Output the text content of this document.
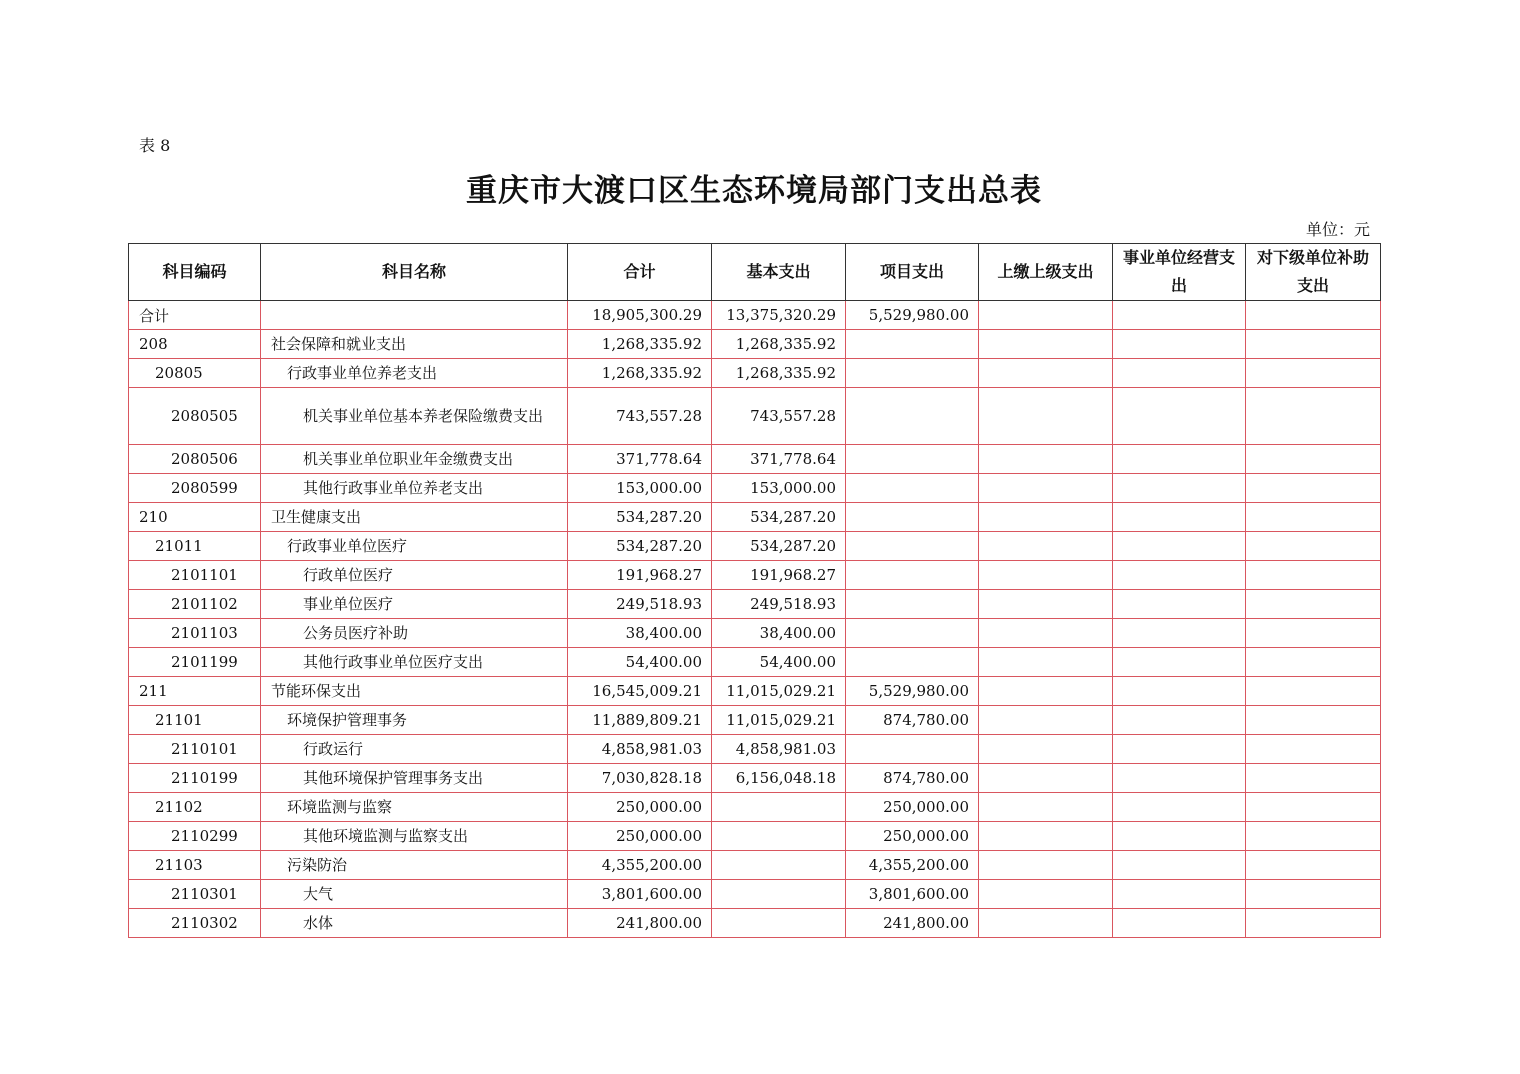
表 8
重庆市大渡口区生态环境局部门支出总表
单位：元
科目编码	科目名称	合计	基本支出	项目支出	上缴上级支出	事业单位经营支出	对下级单位补助支出
合计		18,905,300.29	13,375,320.29	5,529,980.00			
208	社会保障和就业支出	1,268,335.92	1,268,335.92				
20805	行政事业单位养老支出	1,268,335.92	1,268,335.92				
2080505	机关事业单位基本养老保险缴费支出	743,557.28	743,557.28				
2080506	机关事业单位职业年金缴费支出	371,778.64	371,778.64				
2080599	其他行政事业单位养老支出	153,000.00	153,000.00				
210	卫生健康支出	534,287.20	534,287.20				
21011	行政事业单位医疗	534,287.20	534,287.20				
2101101	行政单位医疗	191,968.27	191,968.27				
2101102	事业单位医疗	249,518.93	249,518.93				
2101103	公务员医疗补助	38,400.00	38,400.00				
2101199	其他行政事业单位医疗支出	54,400.00	54,400.00				
211	节能环保支出	16,545,009.21	11,015,029.21	5,529,980.00			
21101	环境保护管理事务	11,889,809.21	11,015,029.21	874,780.00			
2110101	行政运行	4,858,981.03	4,858,981.03				
2110199	其他环境保护管理事务支出	7,030,828.18	6,156,048.18	874,780.00			
21102	环境监测与监察	250,000.00		250,000.00			
2110299	其他环境监测与监察支出	250,000.00		250,000.00			
21103	污染防治	4,355,200.00		4,355,200.00			
2110301	大气	3,801,600.00		3,801,600.00			
2110302	水体	241,800.00		241,800.00			
